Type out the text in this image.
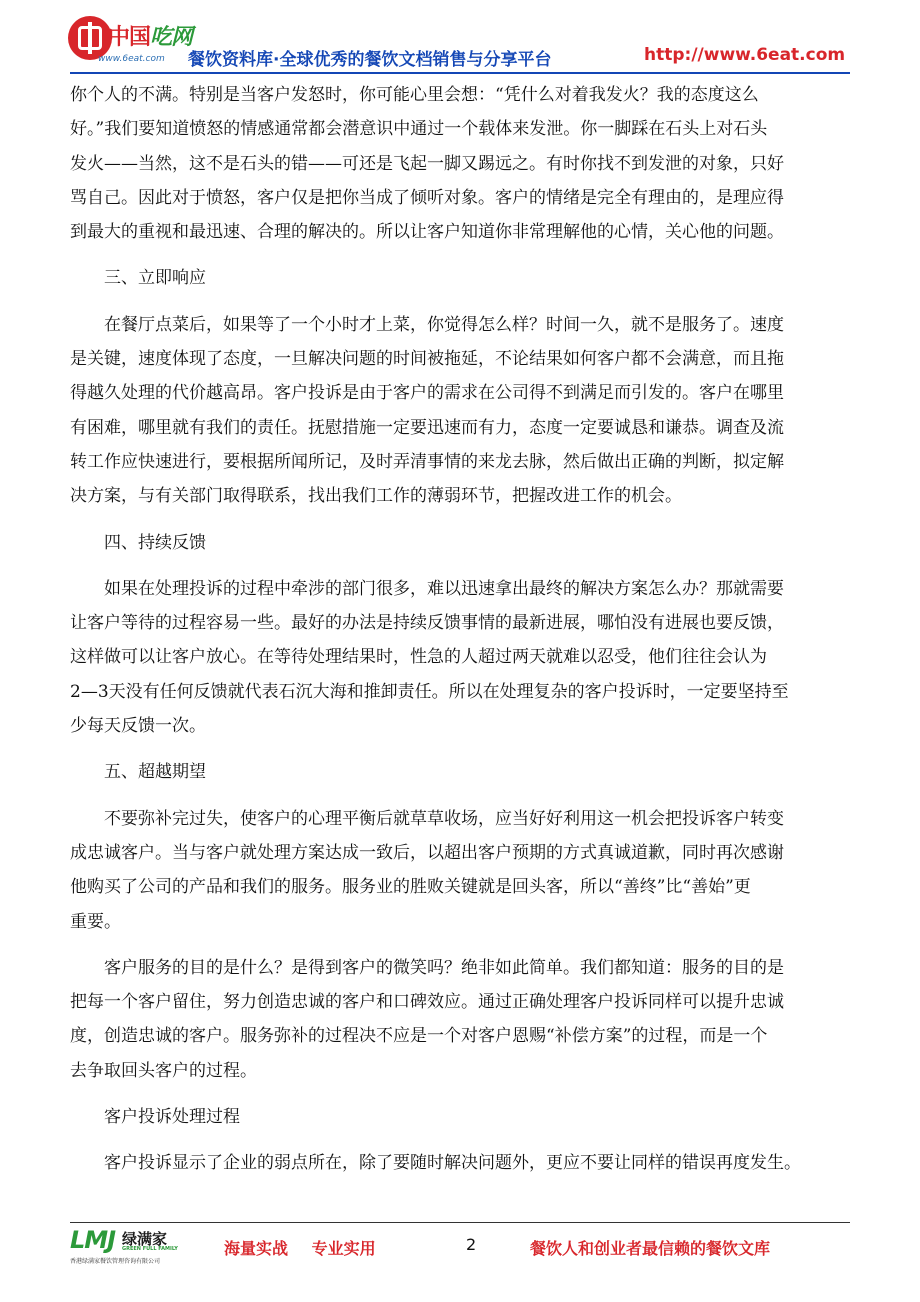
中国吃网
www.6eat.com 餐饮资料库·全球优秀的餐饮文档销售与分享平台	http://www.6eat.com

你个人的不满。特别是当客户发怒时，你可能心里会想：“凭什么对着我发火？我的态度这么
好。”我们要知道愤怒的情感通常都会潜意识中通过一个载体来发泄。你一脚踩在石头上对石头
发火——当然，这不是石头的错——可还是飞起一脚又踢远之。有时你找不到发泄的对象，只好
骂自己。因此对于愤怒，客户仅是把你当成了倾听对象。客户的情绪是完全有理由的，是理应得
到最大的重视和最迅速、合理的解决的。所以让客户知道你非常理解他的心情，关心他的问题。

三、立即响应

在餐厅点菜后，如果等了一个小时才上菜，你觉得怎么样？时间一久，就不是服务了。速度
是关键，速度体现了态度，一旦解决问题的时间被拖延，不论结果如何客户都不会满意，而且拖
得越久处理的代价越高昂。客户投诉是由于客户的需求在公司得不到满足而引发的。客户在哪里
有困难，哪里就有我们的责任。抚慰措施一定要迅速而有力，态度一定要诚恳和谦恭。调查及流
转工作应快速进行，要根据所闻所记，及时弄清事情的来龙去脉，然后做出正确的判断，拟定解
决方案，与有关部门取得联系，找出我们工作的薄弱环节，把握改进工作的机会。

四、持续反馈

如果在处理投诉的过程中牵涉的部门很多，难以迅速拿出最终的解决方案怎么办？那就需要
让客户等待的过程容易一些。最好的办法是持续反馈事情的最新进展，哪怕没有进展也要反馈，
这样做可以让客户放心。在等待处理结果时，性急的人超过两天就难以忍受，他们往往会认为
2—3天没有任何反馈就代表石沉大海和推卸责任。所以在处理复杂的客户投诉时，一定要坚持至
少每天反馈一次。

五、超越期望

不要弥补完过失，使客户的心理平衡后就草草收场，应当好好利用这一机会把投诉客户转变
成忠诚客户。当与客户就处理方案达成一致后，以超出客户预期的方式真诚道歉，同时再次感谢
他购买了公司的产品和我们的服务。服务业的胜败关键就是回头客，所以“善终”比“善始”更
重要。

客户服务的目的是什么？是得到客户的微笑吗？绝非如此简单。我们都知道：服务的目的是
把每一个客户留住，努力创造忠诚的客户和口碑效应。通过正确处理客户投诉同样可以提升忠诚
度，创造忠诚的客户。服务弥补的过程决不应是一个对客户恩赐“补偿方案”的过程，而是一个
去争取回头客户的过程。

客户投诉处理过程

客户投诉显示了企业的弱点所在，除了要随时解决问题外，更应不要让同样的错误再度发生。

LMJ 绿满家
GREEN FULL FAMILY
香港绿满家餐饮管理咨询有限公司
海量实战 专业实用	2	餐饮人和创业者最信赖的餐饮文库
